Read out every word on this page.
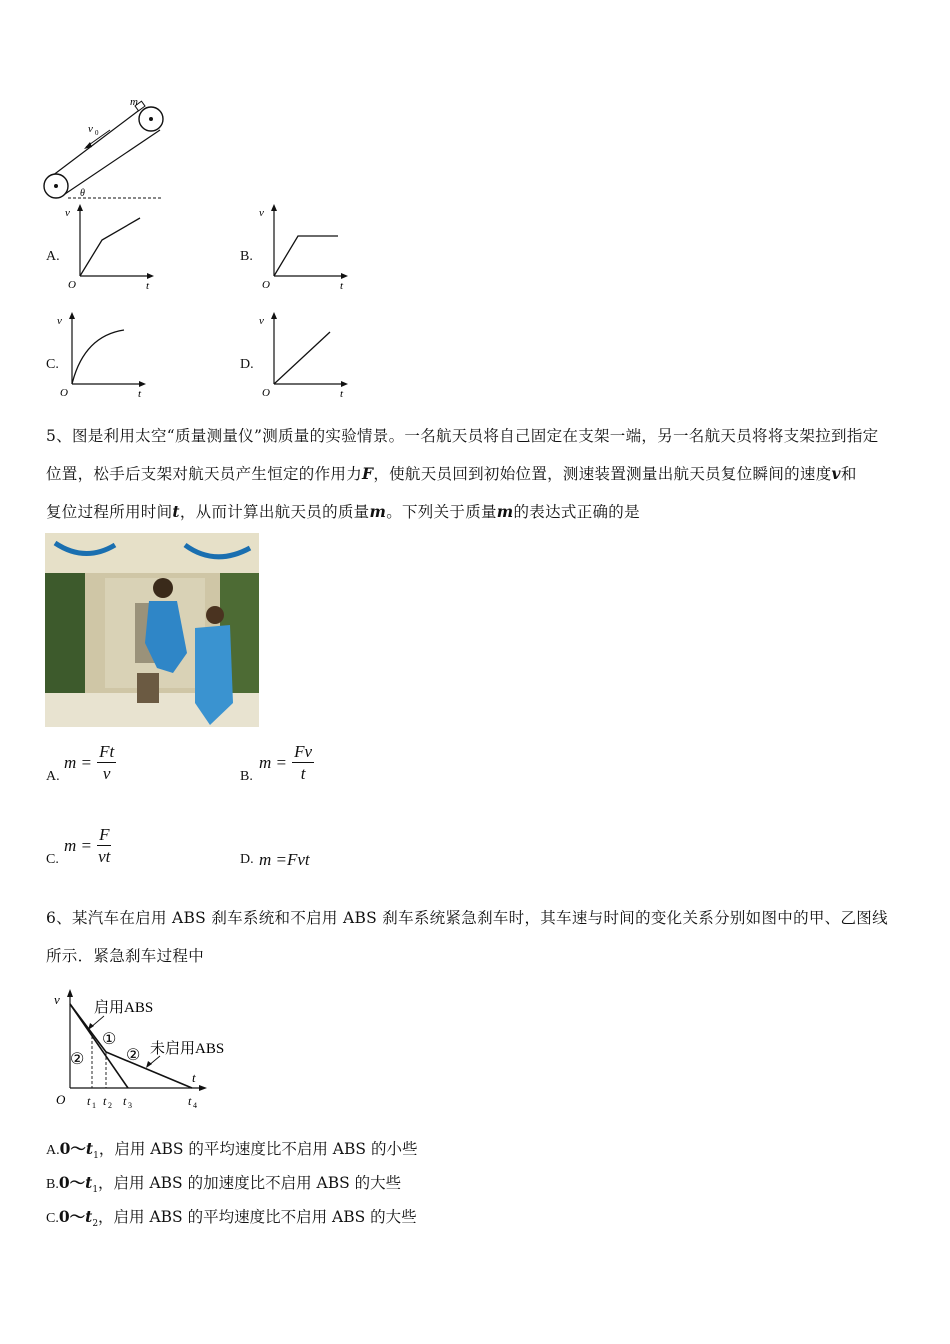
m
v 0
θ
A.
v
t
O
B.
v
t
O
C.
v
t
O
D.
v
t
O
5、图是利用太空“质量测量仪”测质量的实验情景。一名航天员将自己固定在支架一端，另一名航天员将将支架拉到指定
位置，松手后支架对航天员产生恒定的作用力F，使航天员回到初始位置，测速装置测量出航天员复位瞬间的速度v和
复位过程所用时间t，从而计算出航天员的质量m。下列关于质量m的表达式正确的是
A.
$m = \frac{Ft}{v}$	B.
$m = \frac{Fv}{t}$
C.
$m = \frac{F}{vt}$	D. m =Fvt
6、某汽车在启用 ABS 刹车系统和不启用 ABS 刹车系统紧急刹车时，其车速与时间的变化关系分别如图中的甲、乙图线
所示．紧急刹车过程中
v
t
O
启用ABS
未启用ABS
①
②	②
t 1 t 2 t 3	t 4
$A.0\sim t_1$，启用 ABS 的平均速度比不启用 ABS 的小些
$B.0\sim t_1$，启用 ABS 的加速度比不启用 ABS 的大些
$C.0\sim t_2$，启用 ABS 的平均速度比不启用 ABS 的大些
